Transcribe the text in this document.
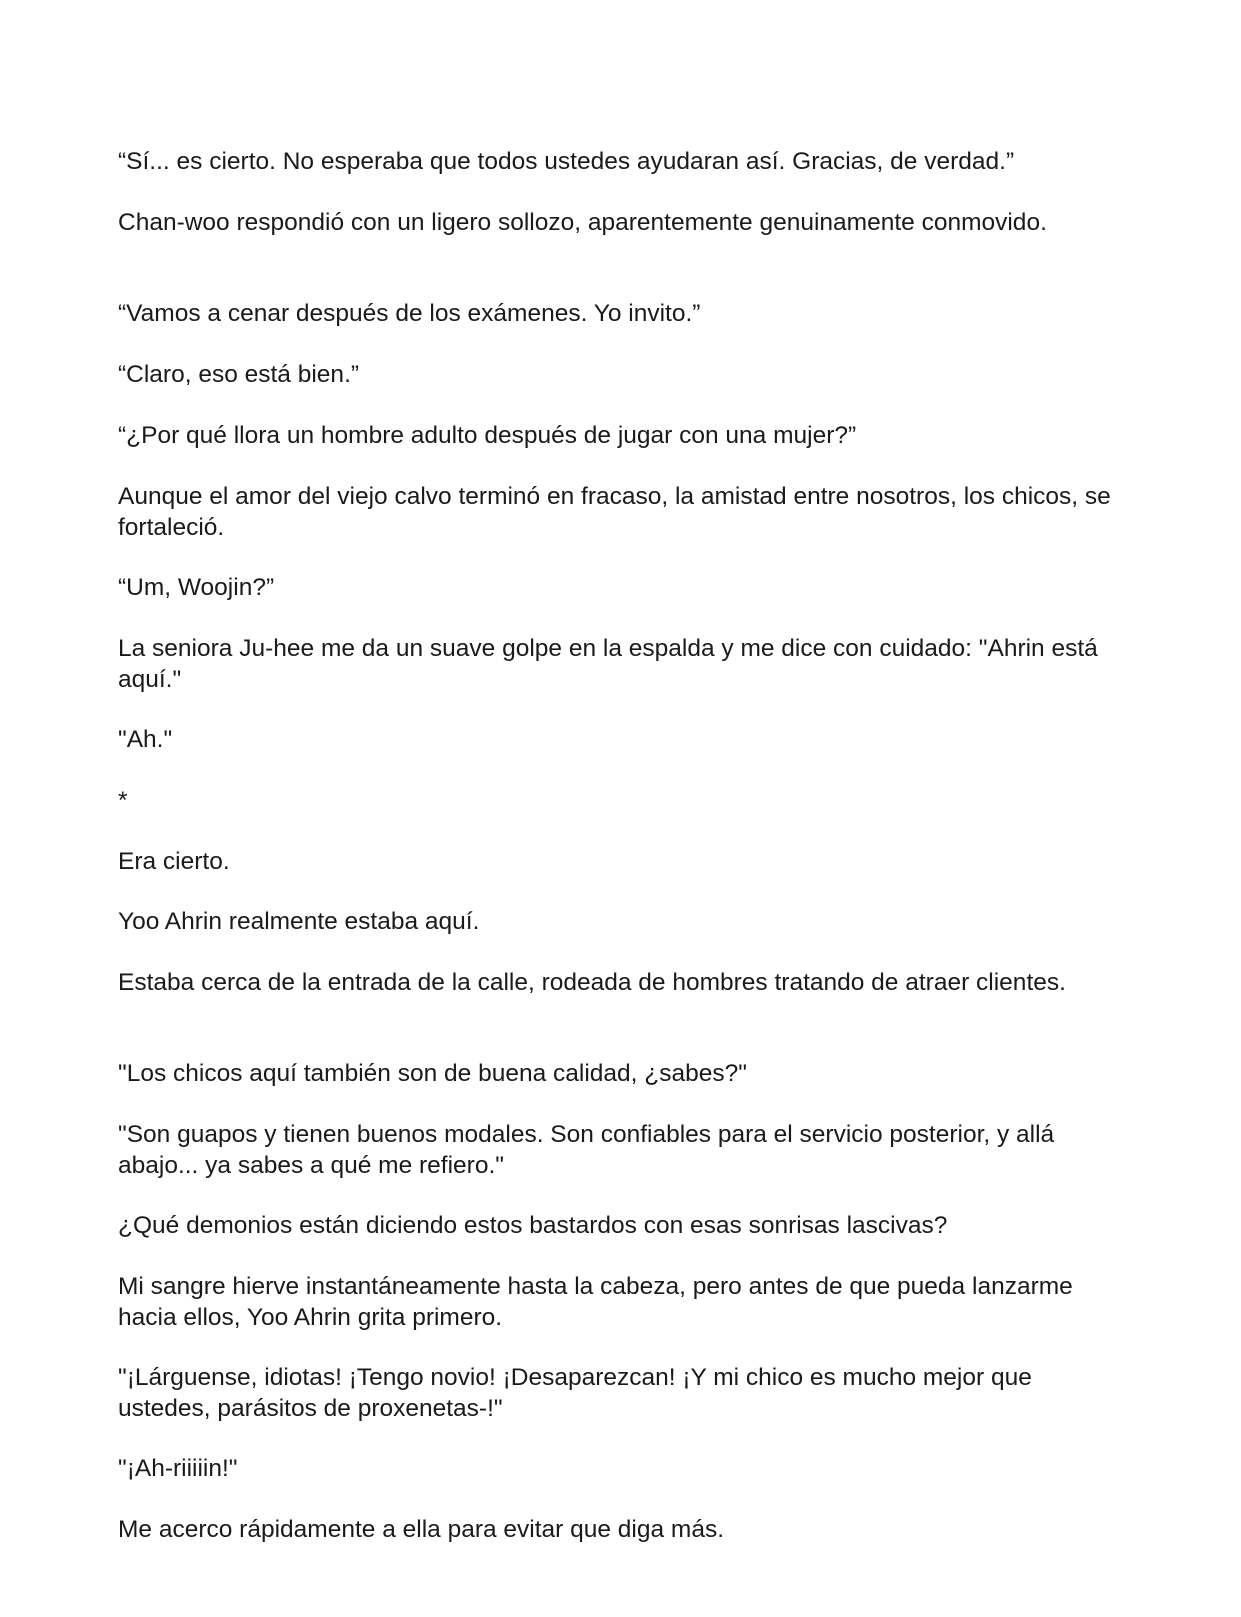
“Sí... es cierto. No esperaba que todos ustedes ayudaran así. Gracias, de verdad.”

Chan-woo respondió con un ligero sollozo, aparentemente genuinamente conmovido.

“Vamos a cenar después de los exámenes. Yo invito.”

“Claro, eso está bien.”

“¿Por qué llora un hombre adulto después de jugar con una mujer?”

Aunque el amor del viejo calvo terminó en fracaso, la amistad entre nosotros, los chicos, se fortaleció.

“Um, Woojin?”

La seniora Ju-hee me da un suave golpe en la espalda y me dice con cuidado: "Ahrin está aquí."

"Ah."

*

Era cierto.

Yoo Ahrin realmente estaba aquí.

Estaba cerca de la entrada de la calle, rodeada de hombres tratando de atraer clientes.

"Los chicos aquí también son de buena calidad, ¿sabes?"

"Son guapos y tienen buenos modales. Son confiables para el servicio posterior, y allá abajo... ya sabes a qué me refiero."

¿Qué demonios están diciendo estos bastardos con esas sonrisas lascivas?

Mi sangre hierve instantáneamente hasta la cabeza, pero antes de que pueda lanzarme hacia ellos, Yoo Ahrin grita primero.

"¡Lárguense, idiotas! ¡Tengo novio! ¡Desaparezcan! ¡Y mi chico es mucho mejor que ustedes, parásitos de proxenetas-!"

"¡Ah-riiiiin!"

Me acerco rápidamente a ella para evitar que diga más.
